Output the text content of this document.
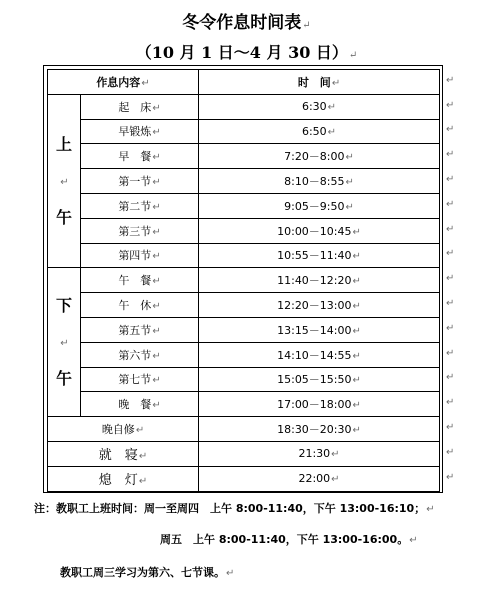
冬令作息时间表↵
（10 月 1 日～4 月 30 日）↵
作息内容↵		时　间↵

上
↵
午	起　床↵	6:30↵
	早锻炼↵	6:50↵
	早　餐↵	7:20－8:00↵
	第一节↵	8:10－8:55↵
	第二节↵	9:05－9:50↵
	第三节↵	10:00－10:45↵
	第四节↵	10:55－11:40↵

下
↵
午	午　餐↵	11:40－12:20↵
	午　休↵	12:20－13:00↵
	第五节↵	13:15－14:00↵
	第六节↵	14:10－14:55↵
	第七节↵	15:05－15:50↵
	晚　餐↵	17:00－18:00↵
晚自修↵		18:30－20:30↵
就　寝↵		21:30↵
熄　灯↵		22:00↵
注：教职工上班时间：周一至周四　上午 8:00-11:40，下午 13:00-16:10；↵
周五　上午 8:00-11:40，下午 13:00-16:00。↵
教职工周三学习为第六、七节课。↵
↵
↵
↵
↵
↵
↵
↵
↵
↵
↵
↵
↵
↵
↵
↵
↵
↵
